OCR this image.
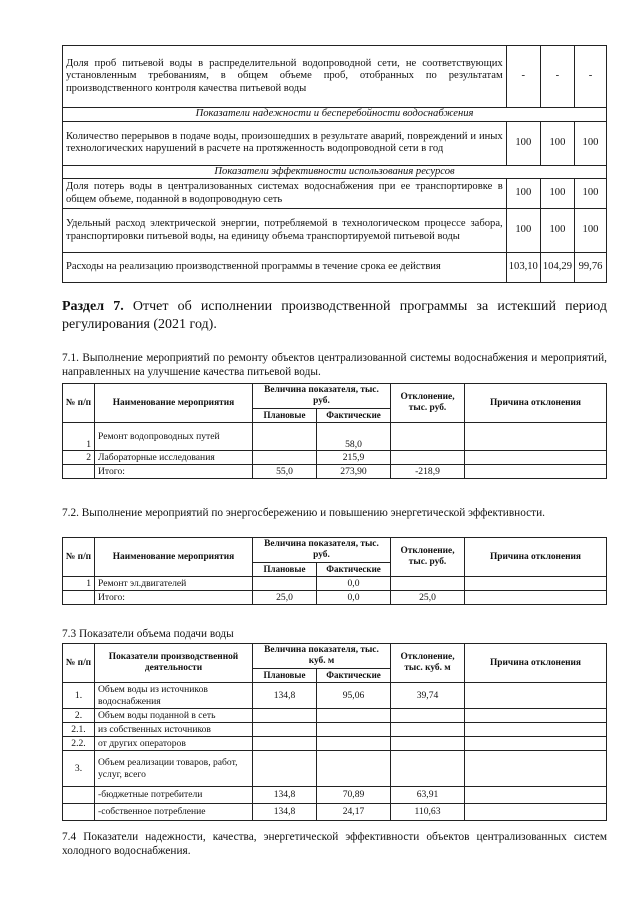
Доля проб питьевой воды в распределительной водопроводной сети, не соответствующих установленным требованиям, в общем объеме проб, отобранных по результатам производственного контроля качества питьевой воды	-	-	-
Показатели надежности и бесперебойности водоснабжения			
Количество перерывов в подаче воды, произошедших в результате аварий, повреждений и иных технологических нарушений в расчете на протяженность водопроводной сети в год	100	100	100
Показатели эффективности использования ресурсов			
Доля потерь воды в централизованных системах водоснабжения при ее транспортировке в общем объеме, поданной в водопроводную сеть	100	100	100
Удельный расход электрической энергии, потребляемой в технологическом процессе забора, транспортировки питьевой воды, на единицу объема транспортируемой питьевой воды	100	100	100
Расходы на реализацию производственной программы в течение срока ее действия	103,10	104,29	99,76
Раздел 7. Отчет об исполнении производственной программы за истекший период регулирования (2021 год).
7.1. Выполнение мероприятий по ремонту объектов централизованной системы водоснабжения и мероприятий, направленных на улучшение качества питьевой воды.
№ п/п	Наименование мероприятия	Величина показателя, тыс. руб.		Отклонение, тыс. руб.	Причина отклонения
		Плановые	Фактические		
1	Ремонт водопроводных путей		58,0		
2	Лабораторные исследования		215,9		
	Итого:	55,0	273,90	-218,9	
7.2. Выполнение мероприятий по энергосбережению и повышению энергетической эффективности.
№ п/п	Наименование мероприятия	Величина показателя, тыс. руб.		Отклонение, тыс. руб.	Причина отклонения
		Плановые	Фактические		
1	Ремонт эл.двигателей		0,0		
	Итого:	25,0	0,0	25,0	
7.3 Показатели объема подачи воды
№ п/п	Показатели производственной деятельности	Величина показателя, тыс. куб. м		Отклонение, тыс. куб. м	Причина отклонения
		Плановые	Фактические		
1.	Объем воды из источников водоснабжения	134,8	95,06	39,74	
2.	Объем воды поданной в сеть				
2.1.	из собственных источников				
2.2.	от других операторов				
3.	Объем реализации товаров, работ, услуг, всего				
	-бюджетные потребители	134,8	70,89	63,91	
	-собственное потребление	134,8	24,17	110,63	
7.4 Показатели надежности, качества, энергетической эффективности объектов централизованных систем холодного водоснабжения.
